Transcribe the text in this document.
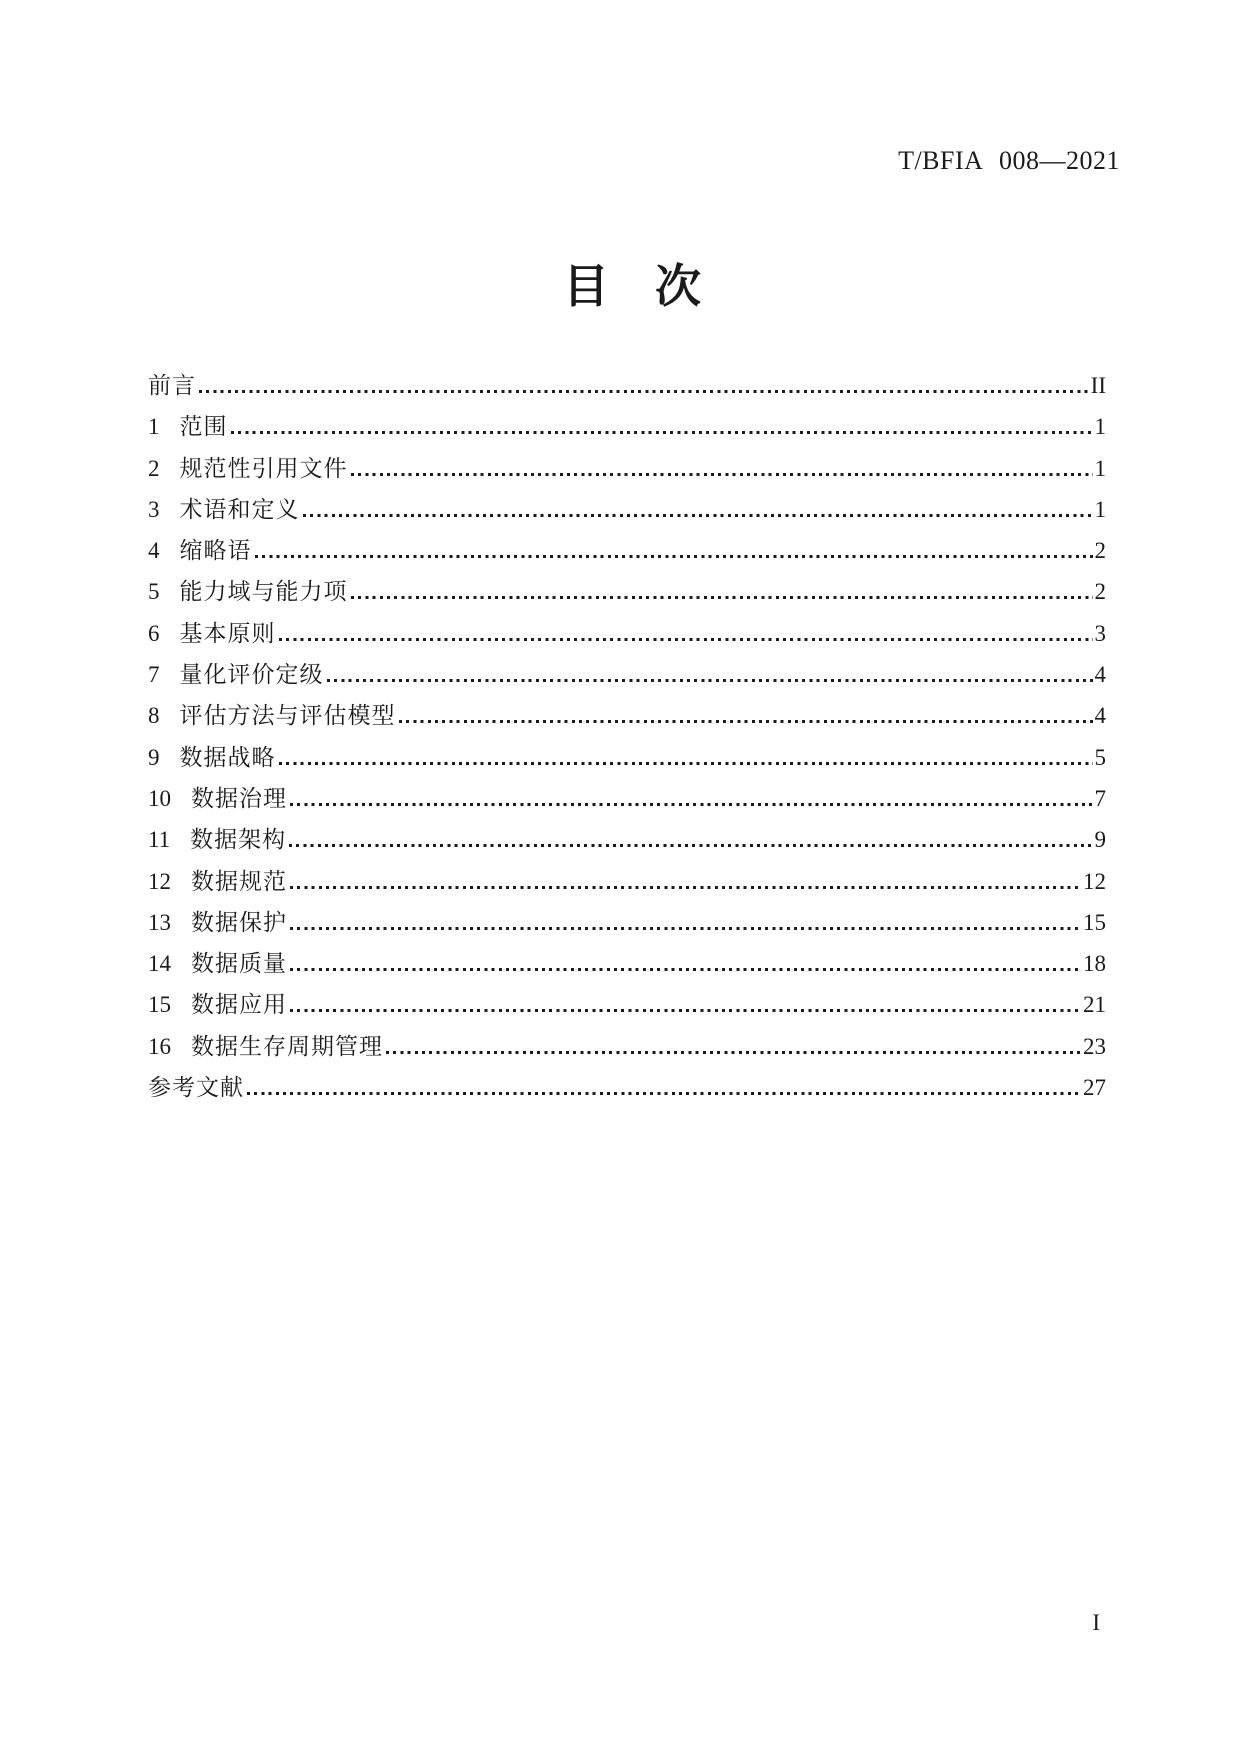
T/BFIA 008—2021
目　次
前言	II
1 范围	1
2 规范性引用文件	1
3 术语和定义	1
4 缩略语	2
5 能力域与能力项	2
6 基本原则	3
7 量化评价定级	4
8 评估方法与评估模型	4
9 数据战略	5
10 数据治理	7
11 数据架构	9
12 数据规范	12
13 数据保护	15
14 数据质量	18
15 数据应用	21
16 数据生存周期管理	23
参考文献	27
I
